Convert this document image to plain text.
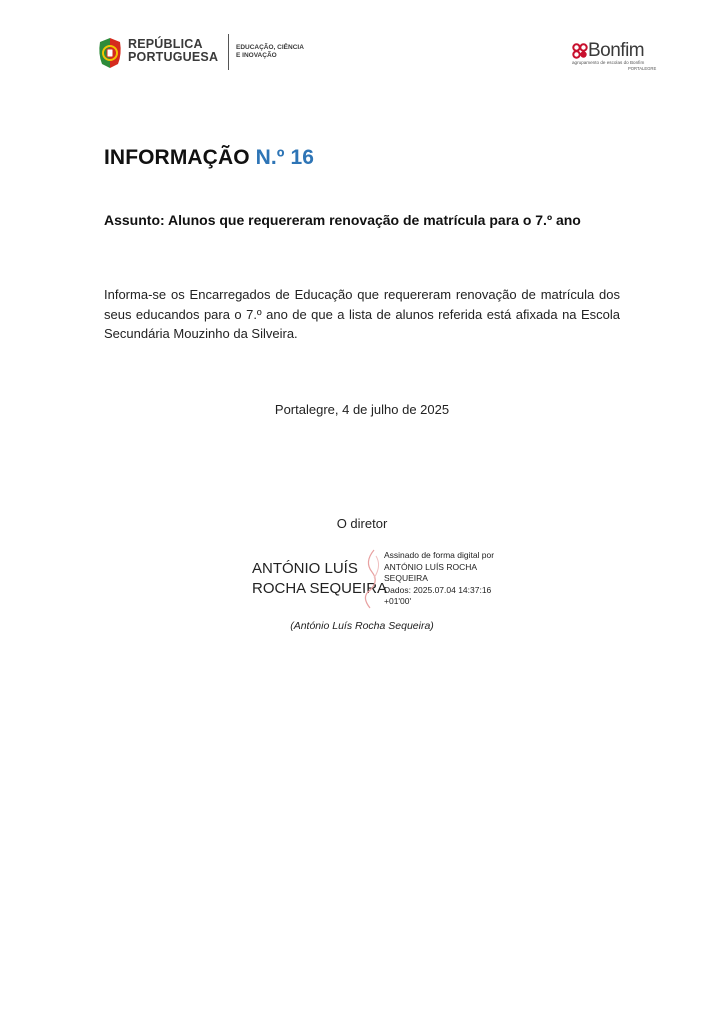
REPÚBLICA
PORTUGUESA
EDUCAÇÃO, CIÊNCIA
E INOVAÇÃO	Bonfim
agrupamento de escolas do Bonfim
PORTALEGRE
INFORMAÇÃO N.º 16
Assunto: Alunos que requereram renovação de matrícula para o 7.º ano
Informa-se os Encarregados de Educação que requereram renovação de matrícula dos seus educandos para o 7.º ano de que a lista de alunos referida está afixada na Escola Secundária Mouzinho da Silveira.
Portalegre, 4 de julho de 2025
O diretor
ANTÓNIO LUÍS
ROCHA SEQUEIRA
Assinado de forma digital por
ANTÓNIO LUÍS ROCHA
SEQUEIRA
Dados: 2025.07.04 14:37:16
+01'00'
(António Luís Rocha Sequeira)
